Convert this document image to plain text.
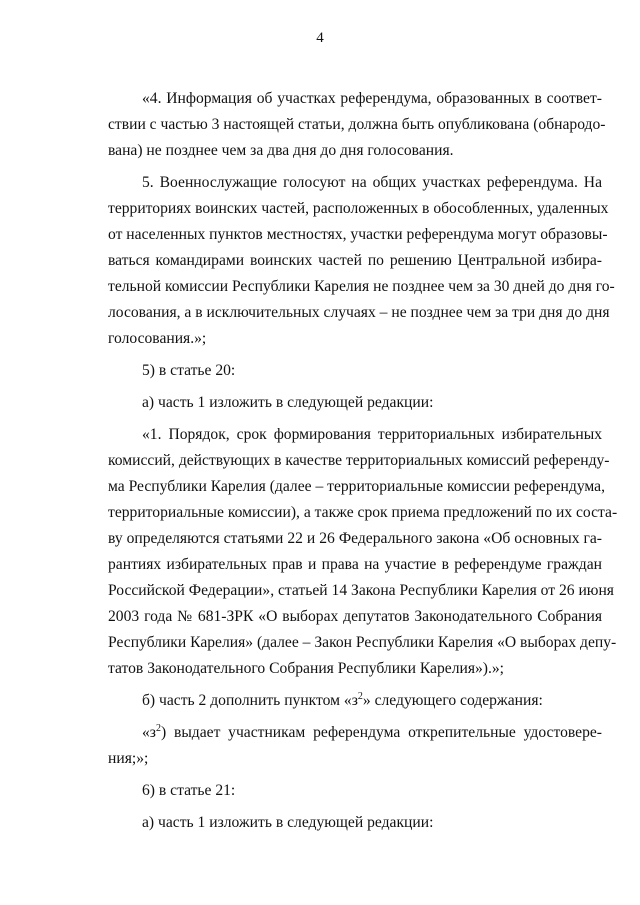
4

«4. Информация об участках референдума, образованных в соответ-
ствии с частью 3 настоящей статьи, должна быть опубликована (обнародо-
вана) не позднее чем за два дня до дня голосования.

5. Военнослужащие голосуют на общих участках референдума. На
территориях воинских частей, расположенных в обособленных, удаленных
от населенных пунктов местностях, участки референдума могут образовы-
ваться командирами воинских частей по решению Центральной избира-
тельной комиссии Республики Карелия не позднее чем за 30 дней до дня го-
лосования, а в исключительных случаях – не позднее чем за три дня до дня
голосования.»;

5) в статье 20:

а) часть 1 изложить в следующей редакции:

«1. Порядок, срок формирования территориальных избирательных
комиссий, действующих в качестве территориальных комиссий референду-
ма Республики Карелия (далее – территориальные комиссии референдума,
территориальные комиссии), а также срок приема предложений по их соста-
ву определяются статьями 22 и 26 Федерального закона «Об основных га-
рантиях избирательных прав и права на участие в референдуме граждан
Российской Федерации», статьей 14 Закона Республики Карелия от 26 июня
2003 года № 681-ЗРК «О выборах депутатов Законодательного Собрания
Республики Карелия» (далее – Закон Республики Карелия «О выборах депу-
татов Законодательного Собрания Республики Карелия»).»;

б) часть 2 дополнить пунктом «$з^2$» следующего содержания:

«$з^2$) выдает участникам референдума открепительные удостовере-
ния;»;

6) в статье 21:

а) часть 1 изложить в следующей редакции:
